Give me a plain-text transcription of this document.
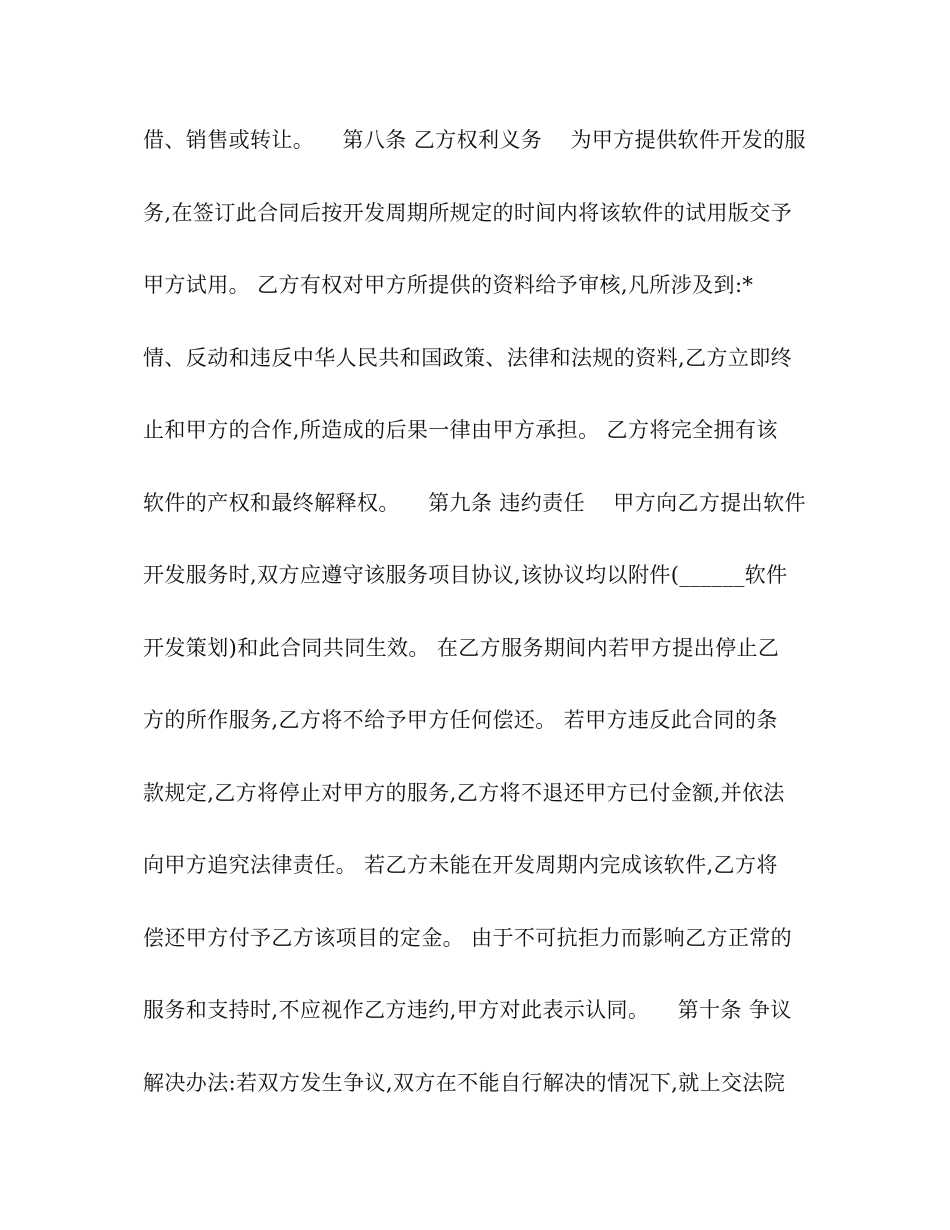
借、销售或转让。    第八条 乙方权利义务    为甲方提供软件开发的服
务,在签订此合同后按开发周期所规定的时间内将该软件的试用版交予
甲方试用。 乙方有权对甲方所提供的资料给予审核,凡所涉及到:*
情、反动和违反中华人民共和国政策、法律和法规的资料,乙方立即终
止和甲方的合作,所造成的后果一律由甲方承担。 乙方将完全拥有该
软件的产权和最终解释权。    第九条 违约责任    甲方向乙方提出软件
开发服务时,双方应遵守该服务项目协议,该协议均以附件(______软件
开发策划)和此合同共同生效。 在乙方服务期间内若甲方提出停止乙
方的所作服务,乙方将不给予甲方任何偿还。 若甲方违反此合同的条
款规定,乙方将停止对甲方的服务,乙方将不退还甲方已付金额,并依法
向甲方追究法律责任。 若乙方未能在开发周期内完成该软件,乙方将
偿还甲方付予乙方该项目的定金。 由于不可抗拒力而影响乙方正常的
服务和支持时,不应视作乙方违约,甲方对此表示认同。    第十条 争议
解决办法:若双方发生争议,双方在不能自行解决的情况下,就上交法院
